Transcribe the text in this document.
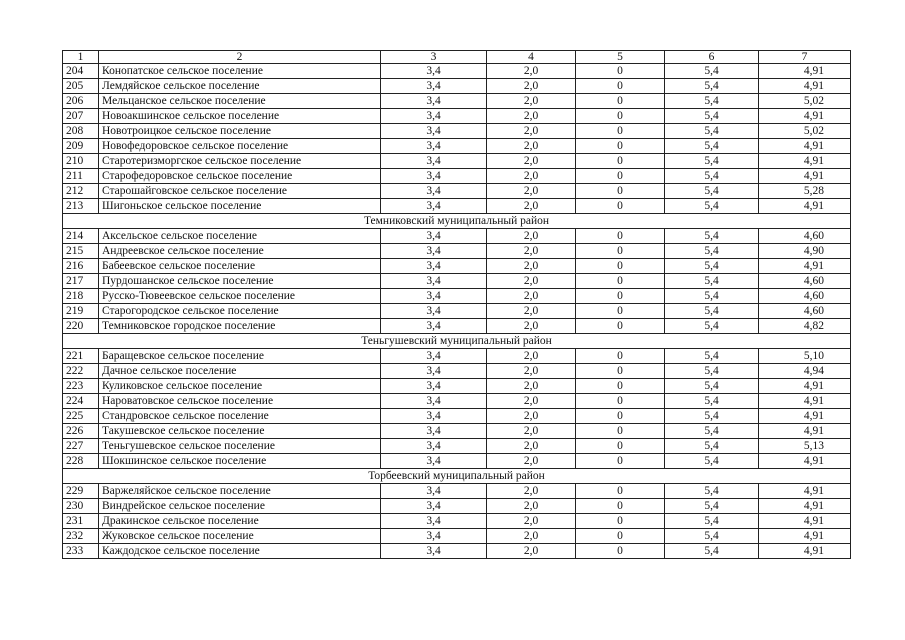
1	2	3	4	5	6	7
204	Конопатское сельское поселение	3,4	2,0	0	5,4	4,91
205	Лемдяйское сельское поселение	3,4	2,0	0	5,4	4,91
206	Мельцанское сельское поселение	3,4	2,0	0	5,4	5,02
207	Новоакшинское сельское поселение	3,4	2,0	0	5,4	4,91
208	Новотроицкое сельское поселение	3,4	2,0	0	5,4	5,02
209	Новофедоровское сельское поселение	3,4	2,0	0	5,4	4,91
210	Старотеризморгское сельское поселение	3,4	2,0	0	5,4	4,91
211	Старофедоровское сельское поселение	3,4	2,0	0	5,4	4,91
212	Старошайговское сельское поселение	3,4	2,0	0	5,4	5,28
213	Шигоньское сельское поселение	3,4	2,0	0	5,4	4,91
Темниковский муниципальный район						
214	Аксельское сельское поселение	3,4	2,0	0	5,4	4,60
215	Андреевское сельское поселение	3,4	2,0	0	5,4	4,90
216	Бабеевское сельское поселение	3,4	2,0	0	5,4	4,91
217	Пурдошанское сельское поселение	3,4	2,0	0	5,4	4,60
218	Русско-Тювеевское сельское поселение	3,4	2,0	0	5,4	4,60
219	Старогородское сельское поселение	3,4	2,0	0	5,4	4,60
220	Темниковское городское поселение	3,4	2,0	0	5,4	4,82
Теньгушевский муниципальный район						
221	Баращевское сельское поселение	3,4	2,0	0	5,4	5,10
222	Дачное сельское поселение	3,4	2,0	0	5,4	4,94
223	Куликовское сельское поселение	3,4	2,0	0	5,4	4,91
224	Нароватовское сельское поселение	3,4	2,0	0	5,4	4,91
225	Стандровское сельское поселение	3,4	2,0	0	5,4	4,91
226	Такушевское сельское поселение	3,4	2,0	0	5,4	4,91
227	Теньгушевское сельское поселение	3,4	2,0	0	5,4	5,13
228	Шокшинское сельское поселение	3,4	2,0	0	5,4	4,91
Торбеевский муниципальный район						
229	Варжеляйское сельское поселение	3,4	2,0	0	5,4	4,91
230	Виндрейское сельское поселение	3,4	2,0	0	5,4	4,91
231	Дракинское сельское поселение	3,4	2,0	0	5,4	4,91
232	Жуковское сельское поселение	3,4	2,0	0	5,4	4,91
233	Каждодское сельское поселение	3,4	2,0	0	5,4	4,91
